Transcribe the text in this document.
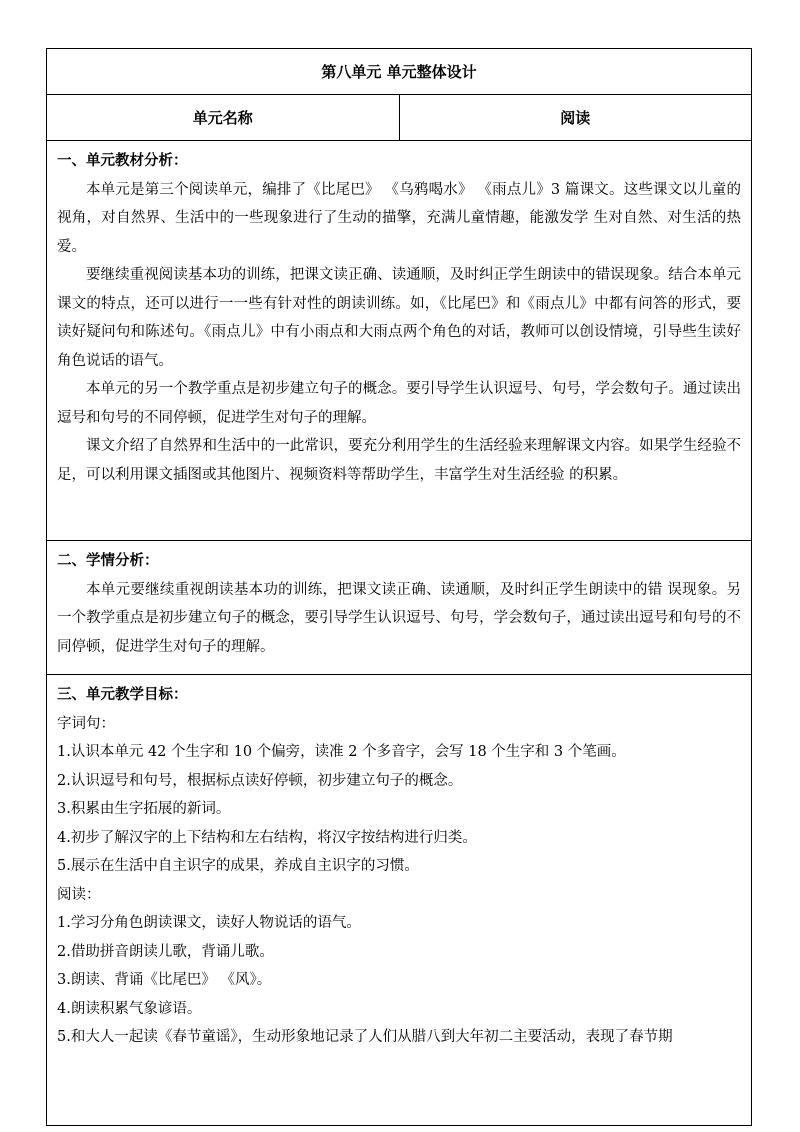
第八单元 单元整体设计
单元名称	阅读
一、单元教材分析：

本单元是第三个阅读单元，编排了《比尾巴》 《乌鸦喝水》 《雨点儿》3 篇课文。这些课文以儿童的视角，对自然界、生活中的一些现象进行了生动的描擎，充满儿童情趣，能激发学 生对自然、对生活的热爱。

要继续重视阅读基本功的训练，把课文读正确、读通顺，及时纠正学生朗读中的错误现象。结合本单元课文的特点，还可以进行一一些有针对性的朗读训练。如，《比尾巴》和《雨点儿》中都有问答的形式，要读好疑问句和陈述句。《雨点儿》中有小雨点和大雨点两个角色的对话，教师可以创设情境，引导些生读好角色说话的语气。

本单元的另一个教学重点是初步建立句子的概念。要引导学生认识逗号、句号，学会数句子。通过读出逗号和句号的不同停顿，促进学生对句子的理解。

课文介绍了自然界和生活中的一此常识，要充分利用学生的生活经验来理解课文内容。如果学生经验不足，可以利用课文插图或其他图片、视频资料等帮助学生，丰富学生对生活经验 的积累。

二、学情分析：

本单元要继续重视朗读基本功的训练，把课文读正确、读通顺，及时纠正学生朗读中的错 误现象。另一个教学重点是初步建立句子的概念，要引导学生认识逗号、句号，学会数句子，通过读出逗号和句号的不同停顿，促进学生对句子的理解。

三、单元教学目标：

字词句：

1.认识本单元 42 个生字和 10 个偏旁，读准 2 个多音字，会写 18 个生字和 3 个笔画。

2.认识逗号和句号，根据标点读好停顿，初步建立句子的概念。

3.积累由生字拓展的新词。

4.初步了解汉字的上下结构和左右结构，将汉字按结构进行归类。

5.展示在生活中自主识字的成果，养成自主识字的习惯。

阅读：

1.学习分角色朗读课文，读好人物说话的语气。

2.借助拼音朗读儿歌，背诵儿歌。

3.朗读、背诵《比尾巴》 《风》。

4.朗读积累气象谚语。

5.和大人一起读《春节童谣》，生动形象地记录了人们从腊八到大年初二主要活动，表现了春节期
